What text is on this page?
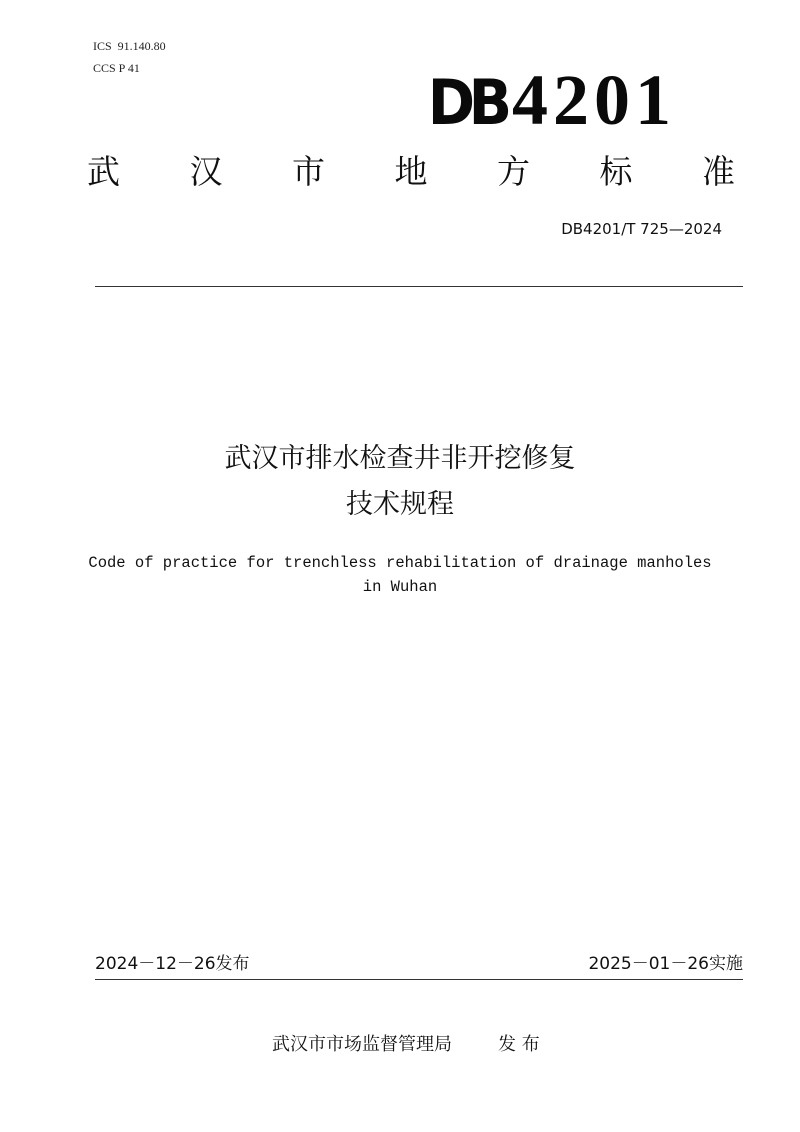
ICS  91.140.80
CCS P 41	DB 4201
武 汉 市 地 方 标 准
DB4201/T 725—2024
武汉市排水检查井非开挖修复
技术规程
Code of practice for trenchless rehabilitation of drainage manholes
in Wuhan
2024－12－26发布	2025－01－26实施
武汉市市场监督管理局	发 布
